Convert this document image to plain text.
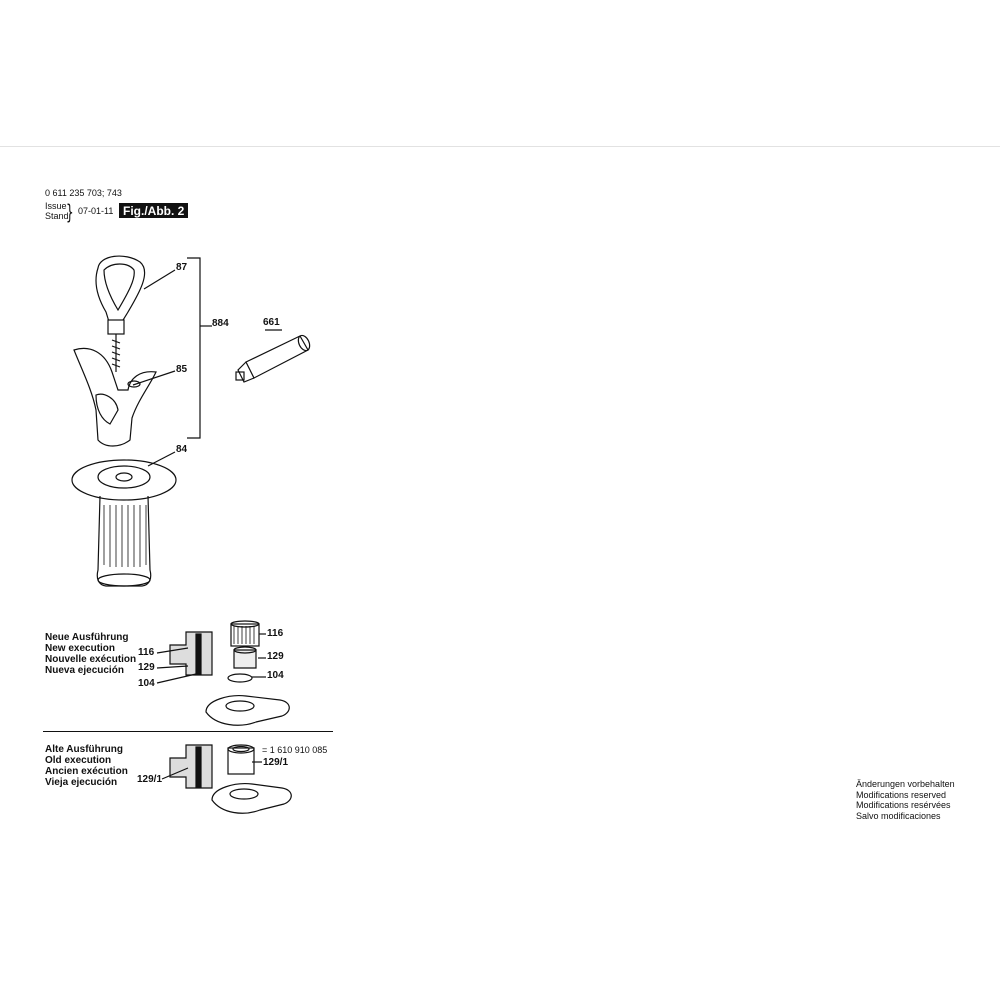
0 611 235 703; 743
Issue
Stand
} 07-01-11 Fig./Abb. 2
87
884	661
85
84
Neue Ausführung
New execution
Nouvelle exécution
Nueva ejecución
116
129
104
116
129
104
Alte Ausführung
Old execution
Ancien exécution
Vieja ejecución
= 1 610 910 085
129/1
129/1	Änderungen vorbehalten
Modifications reserved
Modifications resérvées
Salvo modificaciones
